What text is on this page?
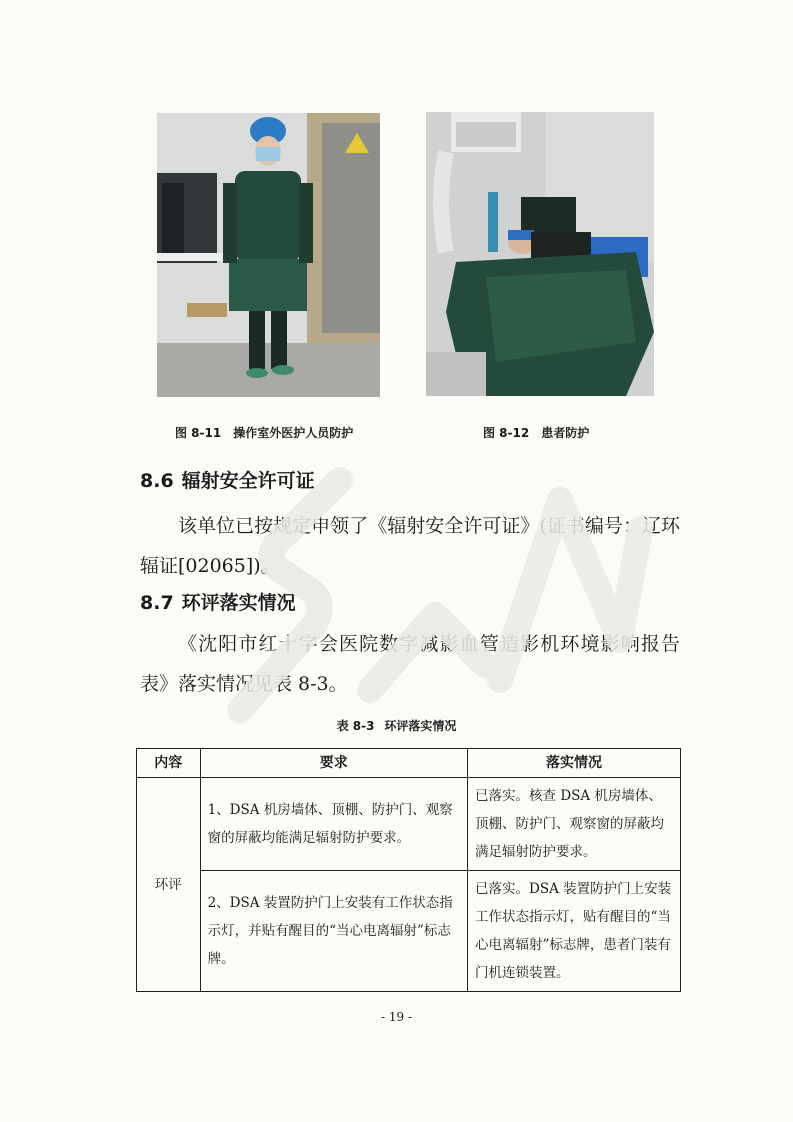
图 8-11 操作室外医护人员防护	图 8-12 患者防护
8.6 辐射安全许可证
该单位已按规定申领了《辐射安全许可证》(证书编号：辽环辐证[02065])。
8.7 环评落实情况
《沈阳市红十字会医院数字减影血管造影机环境影响报告表》落实情况见表 8-3。
表 8-3 环评落实情况
内容	要求	落实情况
环评	1、DSA 机房墙体、顶棚、防护门、观察窗的屏蔽均能满足辐射防护要求。	已落实。核查 DSA 机房墙体、顶棚、防护门、观察窗的屏蔽均满足辐射防护要求。
	2、DSA 装置防护门上安装有工作状态指示灯，并贴有醒目的“当心电离辐射”标志牌。	已落实。DSA 装置防护门上安装工作状态指示灯，贴有醒目的“当心电离辐射”标志牌，患者门装有门机连锁装置。
- 19 -
